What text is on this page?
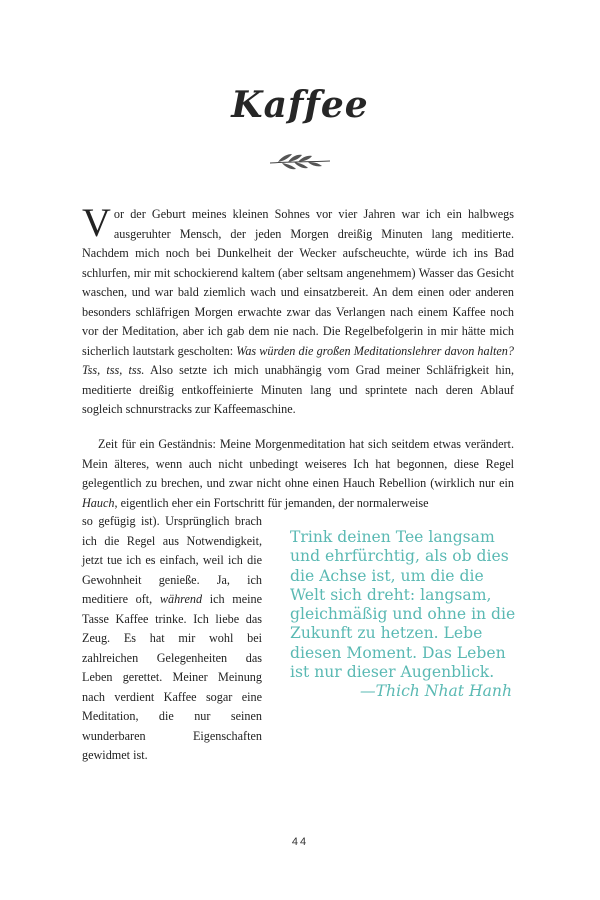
Kaffee
Vor der Geburt meines kleinen Sohnes vor vier Jahren war ich ein halbwegs ausgeruhter Mensch, der jeden Morgen dreißig Minuten lang meditierte. Nachdem mich noch bei Dunkelheit der Wecker aufscheuchte, würde ich ins Bad schlurfen, mir mit schockierend kaltem (aber seltsam angenehmem) Wasser das Gesicht waschen, und war bald ziemlich wach und einsatzbereit. An dem einen oder anderen besonders schläfrigen Morgen erwachte zwar das Verlangen nach einem Kaffee noch vor der Meditation, aber ich gab dem nie nach. Die Regelbefolgerin in mir hätte mich sicherlich lautstark gescholten: Was würden die großen Meditationslehrer davon halten? Tss, tss, tss. Also setzte ich mich unabhängig vom Grad meiner Schläfrigkeit hin, meditierte dreißig entkoffeinierte Minuten lang und sprintete nach deren Ablauf sogleich schnurstracks zur Kaffeemaschine.
Zeit für ein Geständnis: Meine Morgenmeditation hat sich seitdem etwas verändert. Mein älteres, wenn auch nicht unbedingt weiseres Ich hat begonnen, diese Regel gelegentlich zu brechen, und zwar nicht ohne einen Hauch Rebellion (wirklich nur ein Hauch, eigentlich eher ein Fortschritt für jemanden, der normalerweise
so gefügig ist). Ursprünglich brach ich die Regel aus Notwendigkeit, jetzt tue ich es einfach, weil ich die Gewohnheit genieße. Ja, ich meditiere oft, während ich meine Tasse Kaffee trinke. Ich liebe das Zeug. Es hat mir wohl bei zahlreichen Gelegenheiten das Leben gerettet. Meiner Meinung nach verdient Kaffee sogar eine Meditation, die nur seinen wunderbaren Eigenschaften gewidmet ist.

Trink deinen Tee langsam und ehrfürchtig, als ob dies die Achse ist, um die die Welt sich dreht: langsam, gleichmäßig und ohne in die Zukunft zu hetzen. Lebe diesen Moment. Das Leben ist nur dieser Augenblick.

—Thich Nhat Hanh
44
